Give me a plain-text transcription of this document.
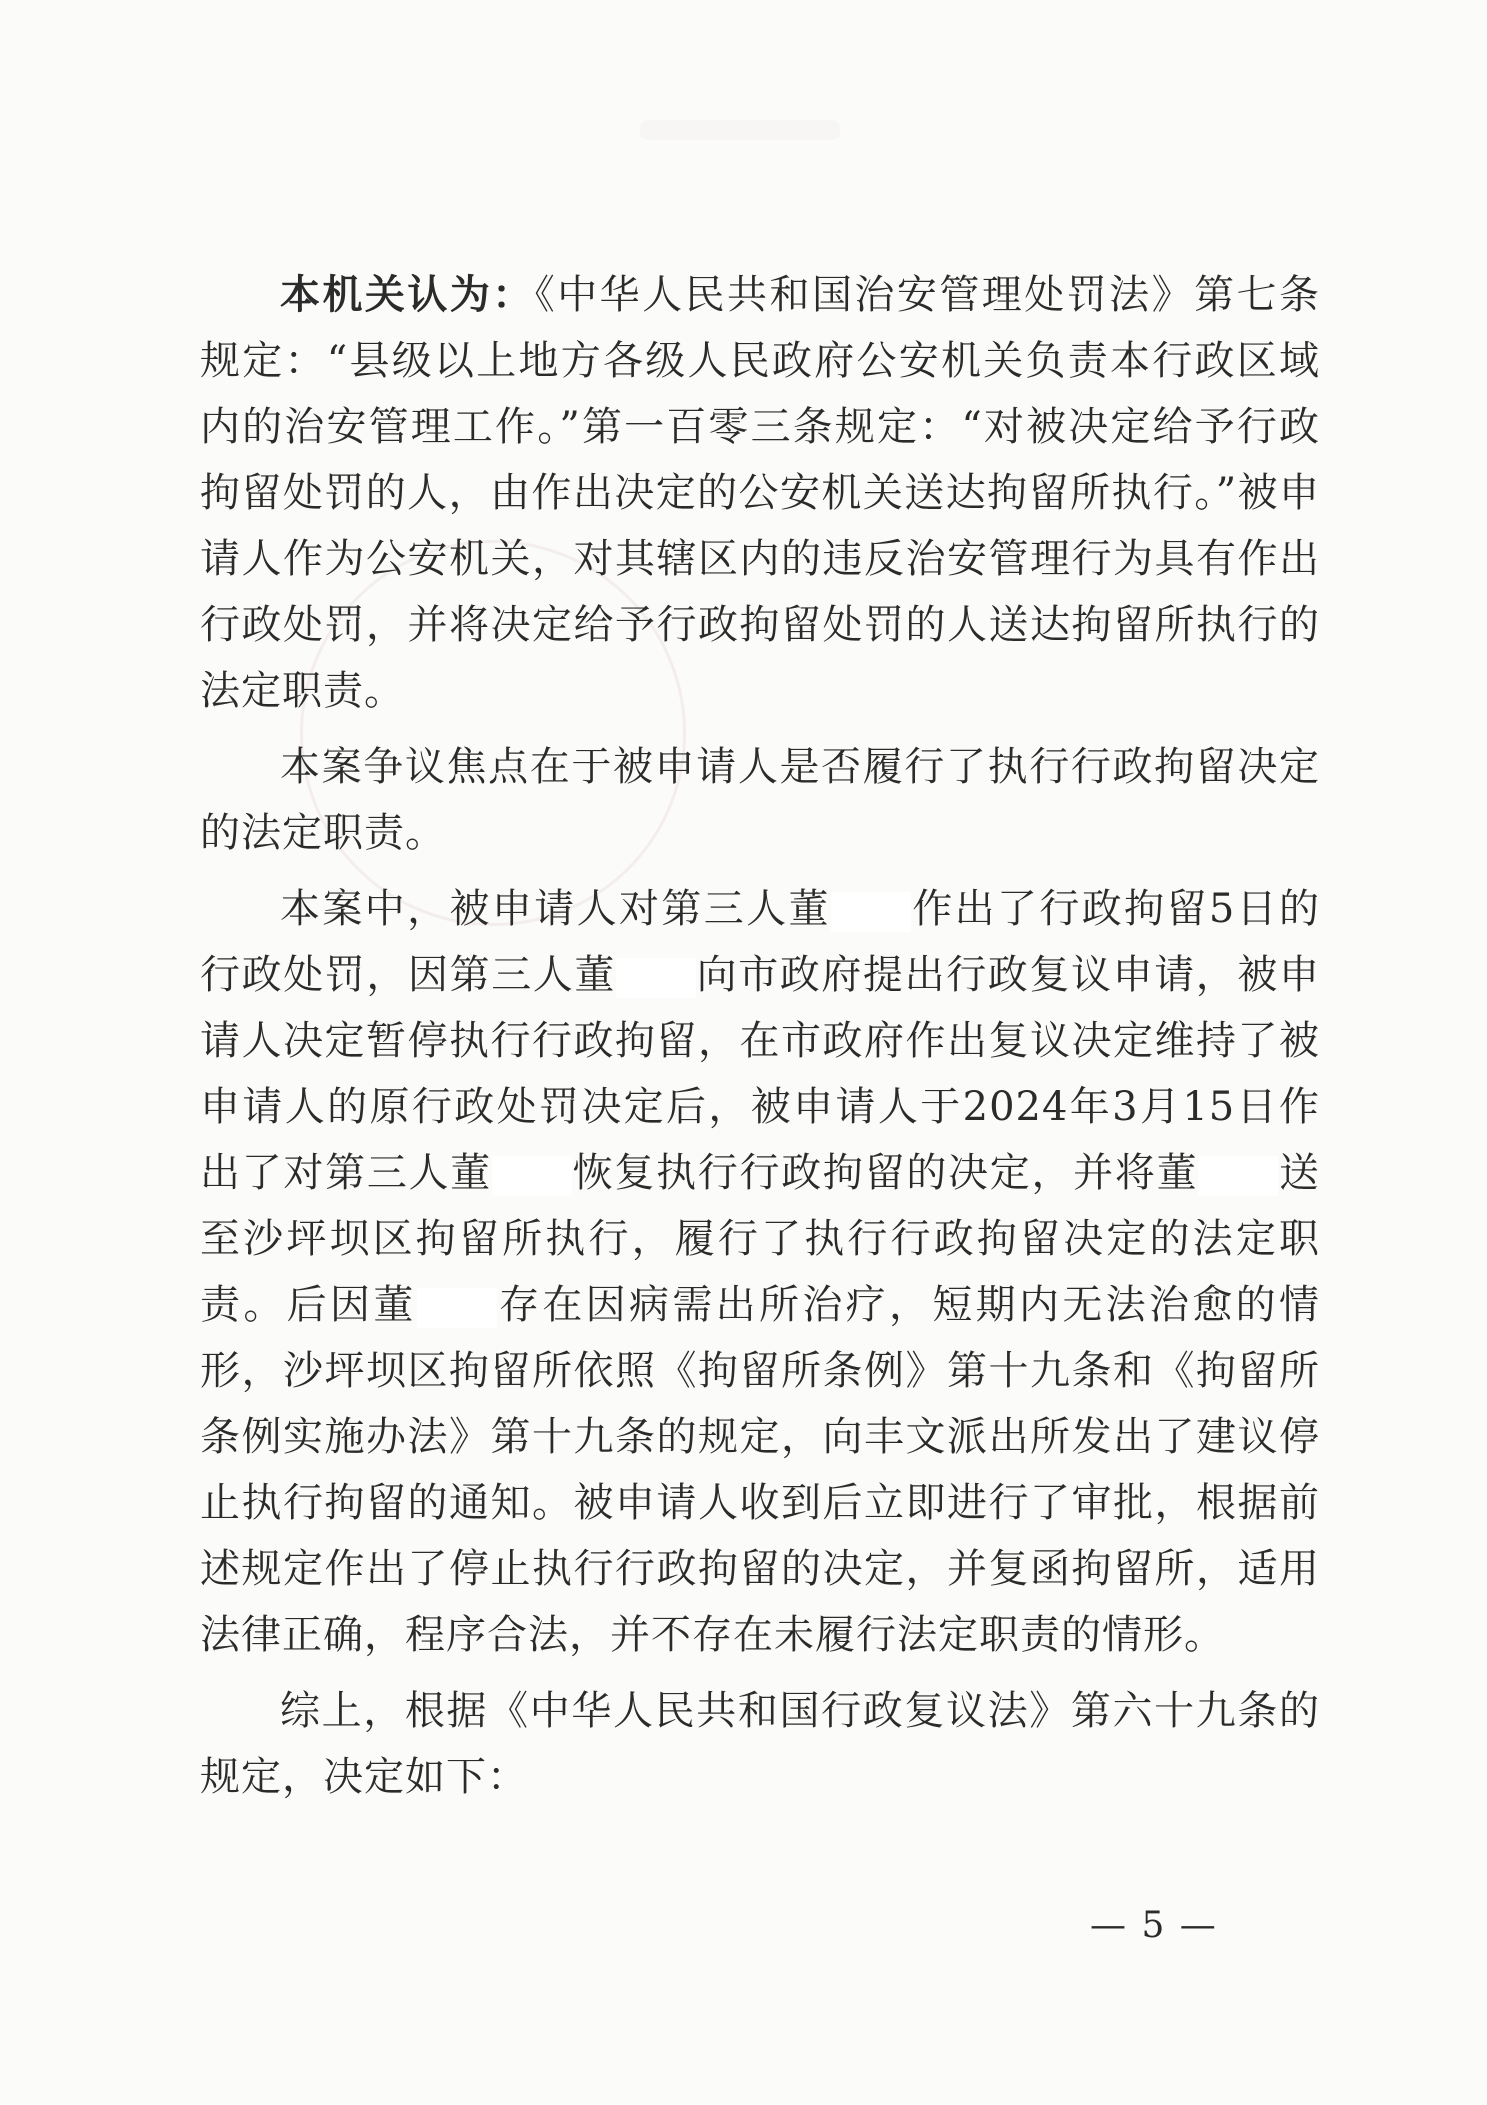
本机关认为：《中华人民共和国治安管理处罚法》第七条规定：“县级以上地方各级人民政府公安机关负责本行政区域内的治安管理工作。”第一百零三条规定：“对被决定给予行政拘留处罚的人，由作出决定的公安机关送达拘留所执行。”被申请人作为公安机关，对其辖区内的违反治安管理行为具有作出行政处罚，并将决定给予行政拘留处罚的人送达拘留所执行的法定职责。

本案争议焦点在于被申请人是否履行了执行行政拘留决定的法定职责。

本案中，被申请人对第三人董 作出了行政拘留5日的行政处罚，因第三人董 向市政府提出行政复议申请，被申请人决定暂停执行行政拘留，在市政府作出复议决定维持了被申请人的原行政处罚决定后，被申请人于2024年3月15日作出了对第三人董 恢复执行行政拘留的决定，并将董 送至沙坪坝区拘留所执行，履行了执行行政拘留决定的法定职责。后因董 存在因病需出所治疗，短期内无法治愈的情形，沙坪坝区拘留所依照《拘留所条例》第十九条和《拘留所条例实施办法》第十九条的规定，向丰文派出所发出了建议停止执行拘留的通知。被申请人收到后立即进行了审批，根据前述规定作出了停止执行行政拘留的决定，并复函拘留所，适用法律正确，程序合法，并不存在未履行法定职责的情形。

综上，根据《中华人民共和国行政复议法》第六十九条的规定，决定如下：

— 5 —
